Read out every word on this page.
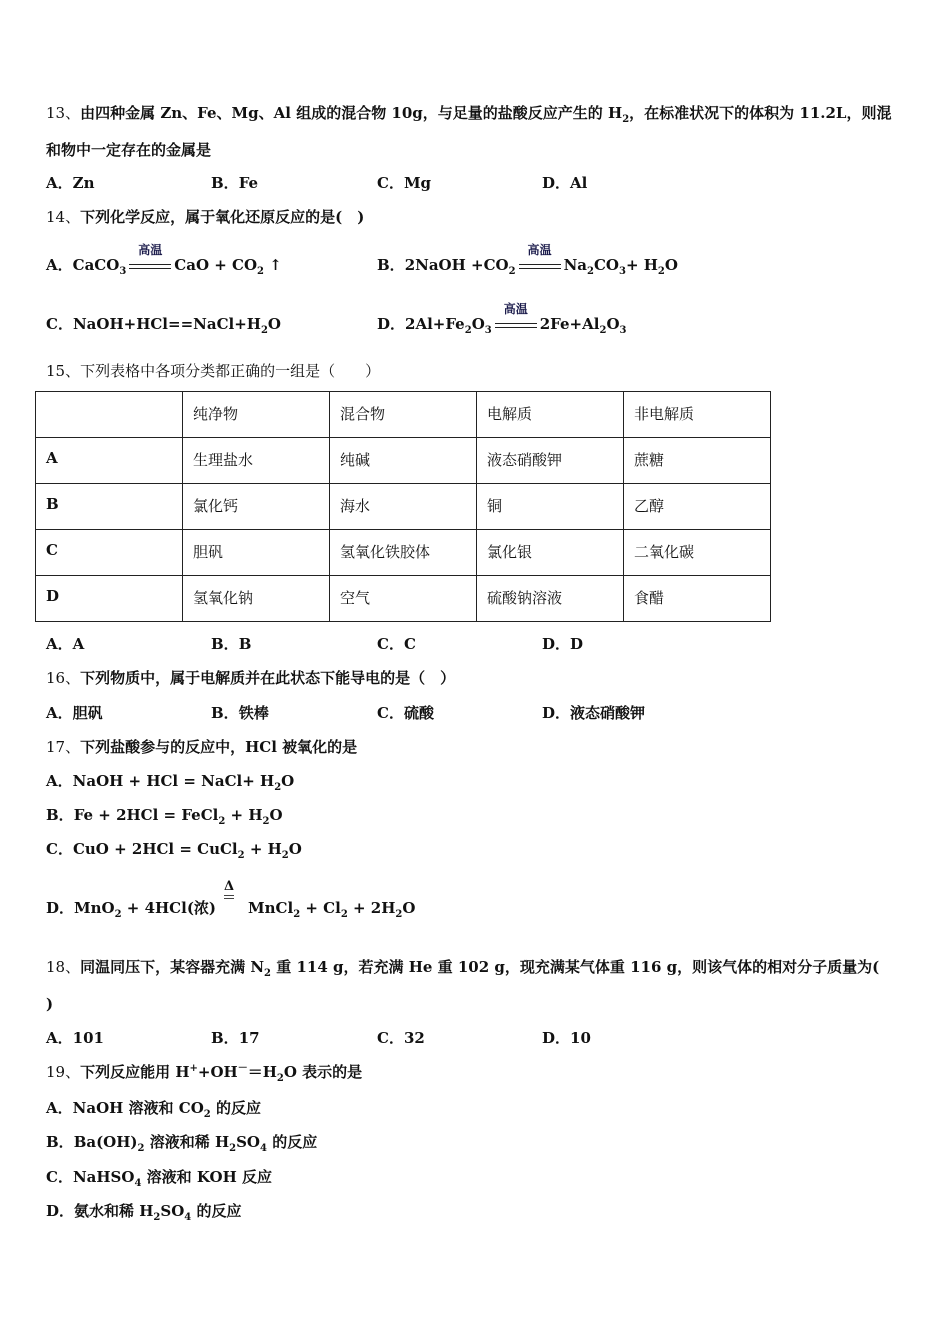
13、由四种金属 Zn、Fe、Mg、Al 组成的混合物 10g，与足量的盐酸反应产生的 $H_2$，在标准状况下的体积为 11.2L，则混
和物中一定存在的金属是
A．Zn	B．Fe	C．Mg	D．Al
14、下列化学反应，属于氧化还原反应的是(　)
A．CaCO$_3$
高温
CaO + $CO_2$ ↑	B．2NaOH $+CO_2$
高温
$Na_2CO_3+ H_2O$
C．$NaOH+HCl==NaCl+H_2O$	D．$2Al+Fe_2O_3$
高温
$2Fe+Al_2O_3$
15、下列表格中各项分类都正确的一组是（　　）
	纯净物	混合物	电解质	非电解质
A	生理盐水	纯碱	液态硝酸钾	蔗糖
B	氯化钙	海水	铜	乙醇
C	胆矾	氢氧化铁胶体	氯化银	二氧化碳
D	氢氧化钠	空气	硫酸钠溶液	食醋
A．A	B．B	C．C	D．D
16、下列物质中，属于电解质并在此状态下能导电的是（　）
A．胆矾	B．铁棒	C．硫酸	D．液态硝酸钾
17、下列盐酸参与的反应中，HCl 被氧化的是
A．NaOH + HCl = NaCl+ $H_2O$
B．Fe + 2HCl = FeCl$_2$ + $H_2O$
C．CuO + 2HCl = CuCl$_2$ + $H_2O$
D．MnO$_2$ + 4HCl(浓)
Δ
MnCl$_2$ + $Cl_2 + 2H_2O$
18、同温同压下，某容器充满 $N_2$ 重 114 g，若充满 He 重 102 g，现充满某气体重 116 g，则该气体的相对分子质量为(
)
A．101	B．17	C．32	D．10
19、下列反应能用 $H^++OH^-=H_2O$ 表示的是
A．NaOH 溶液和 $CO_2$ 的反应
B．$Ba(OH)_2$ 溶液和稀 $H_2SO_4$ 的反应
C．NaHSO$_4$ 溶液和 KOH 反应
D．氨水和稀 $H_2SO_4$ 的反应
